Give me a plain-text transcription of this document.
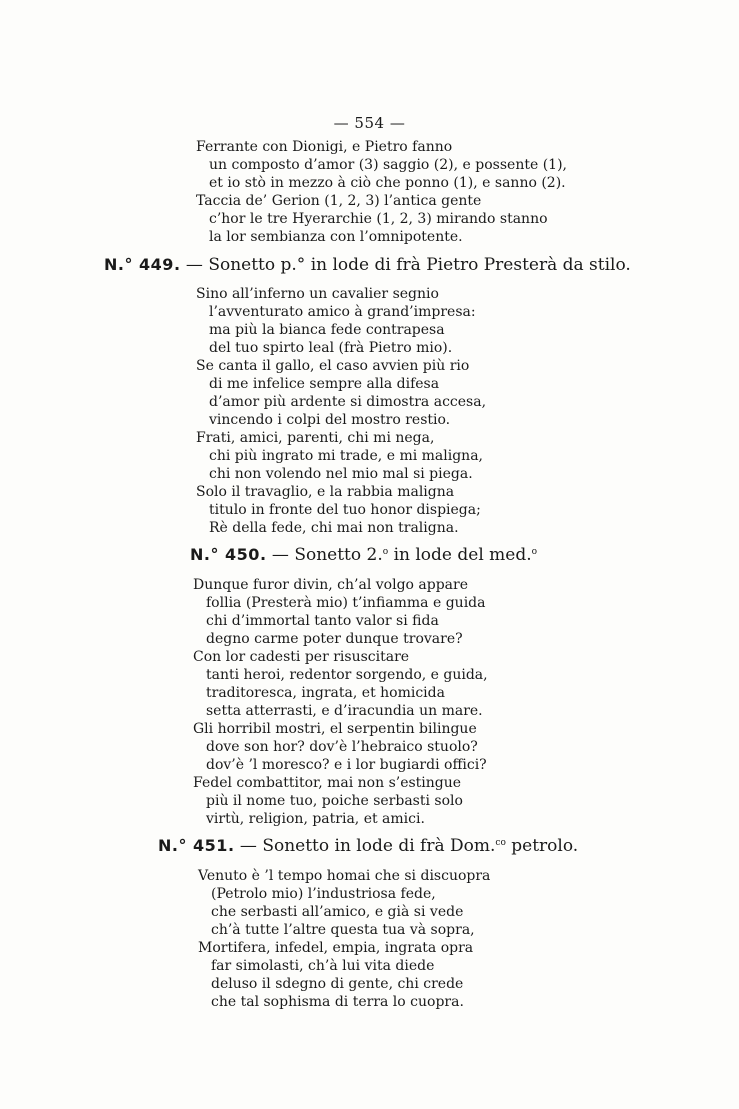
— 554 —
Ferrante con Dionigi, e Pietro fanno
un composto d’amor (3) saggio (2), e possente (1),
et io stò in mezzo à ciò che ponno (1), e sanno (2).
Taccia de’ Gerion (1, 2, 3) l’antica gente
c’hor le tre Hyerarchie (1, 2, 3) mirando stanno
la lor sembianza con l’omnipotente.
N.° 449. — Sonetto p.° in lode di frà Pietro Presterà da stilo.
Sino all’inferno un cavalier segnio
l’avventurato amico à grand’impresa:
ma più la bianca fede contrapesa
del tuo spirto leal (frà Pietro mio).
Se canta il gallo, el caso avvien più rio
di me infelice sempre alla difesa
d’amor più ardente si dimostra accesa,
vincendo i colpi del mostro restio.
Frati, amici, parenti, chi mi nega,
chi più ingrato mi trade, e mi maligna,
chi non volendo nel mio mal si piega.
Solo il travaglio, e la rabbia maligna
titulo in fronte del tuo honor dispiega;
Rè della fede, chi mai non traligna.
N.° 450. — Sonetto 2.$^o$ in lode del med.$^o$
Dunque furor divin, ch’al volgo appare
follia (Presterà mio) t’infiamma e guida
chi d’immortal tanto valor si fida
degno carme poter dunque trovare?
Con lor cadesti per risuscitare
tanti heroi, redentor sorgendo, e guida,
traditoresca, ingrata, et homicida
setta atterrasti, e d’iracundia un mare.
Gli horribil mostri, el serpentin bilingue
dove son hor? dov’è l’hebraico stuolo?
dov’è ’l moresco? e i lor bugiardi offici?
Fedel combattitor, mai non s’estingue
più il nome tuo, poiche serbasti solo
virtù, religion, patria, et amici.
N.° 451. — Sonetto in lode di frà Dom.$^{co}$ petrolo.
Venuto è ’l tempo homai che si discuopra
(Petrolo mio) l’industriosa fede,
che serbasti all’amico, e già si vede
ch’à tutte l’altre questa tua và sopra,
Mortifera, infedel, empia, ingrata opra
far simolasti, ch’à lui vita diede
deluso il sdegno di gente, chi crede
che tal sophisma di terra lo cuopra.
